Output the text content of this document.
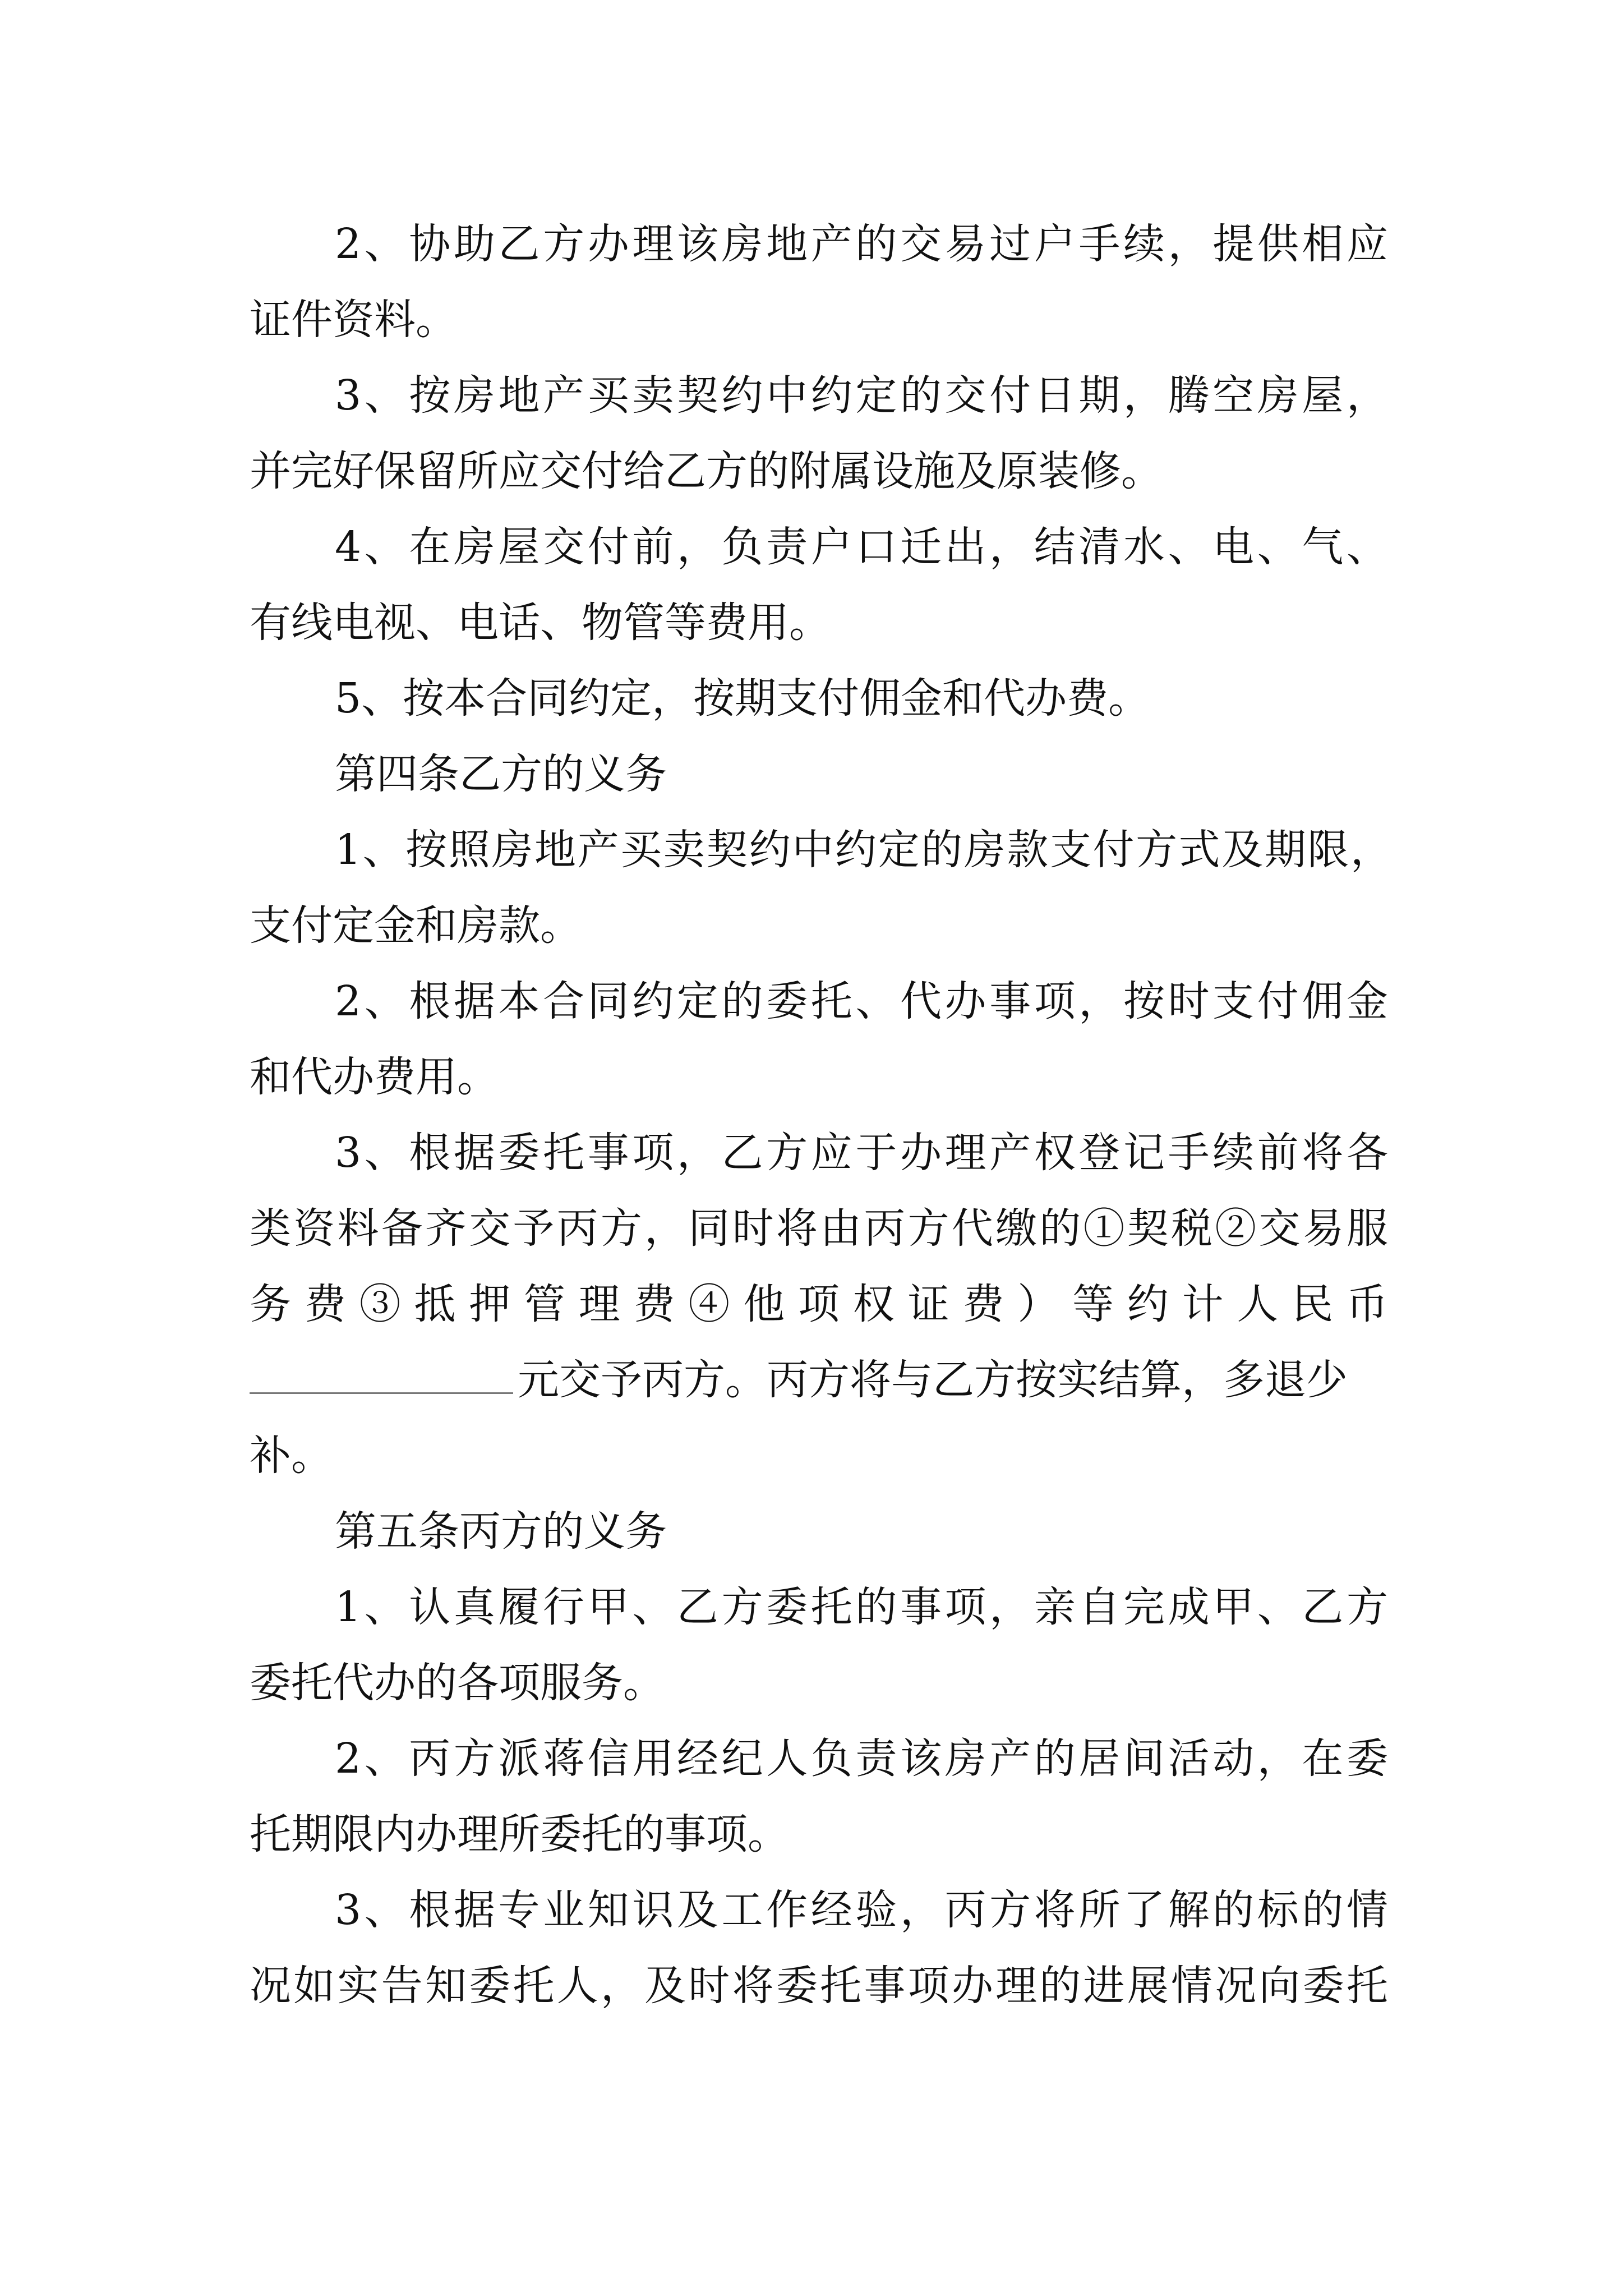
2、协助乙方办理该房地产的交易过户手续，提供相应
证件资料。
3、按房地产买卖契约中约定的交付日期，腾空房屋，
并完好保留所应交付给乙方的附属设施及原装修。
4、在房屋交付前，负责户口迁出，结清水、电、气、
有线电视、电话、物管等费用。
5、按本合同约定，按期支付佣金和代办费。
第四条乙方的义务
1、按照房地产买卖契约中约定的房款支付方式及期限，
支付定金和房款。
2、根据本合同约定的委托、代办事项，按时支付佣金
和代办费用。
3、根据委托事项，乙方应于办理产权登记手续前将各
类资料备齐交予丙方，同时将由丙方代缴的①契税②交易服
务费③抵押管理费④他项权证费）等约计人民币
元交予丙方。丙方将与乙方按实结算，多退少
补。
第五条丙方的义务
1、认真履行甲、乙方委托的事项，亲自完成甲、乙方
委托代办的各项服务。
2、丙方派蒋信用经纪人负责该房产的居间活动，在委
托期限内办理所委托的事项。
3、根据专业知识及工作经验，丙方将所了解的标的情
况如实告知委托人，及时将委托事项办理的进展情况向委托
